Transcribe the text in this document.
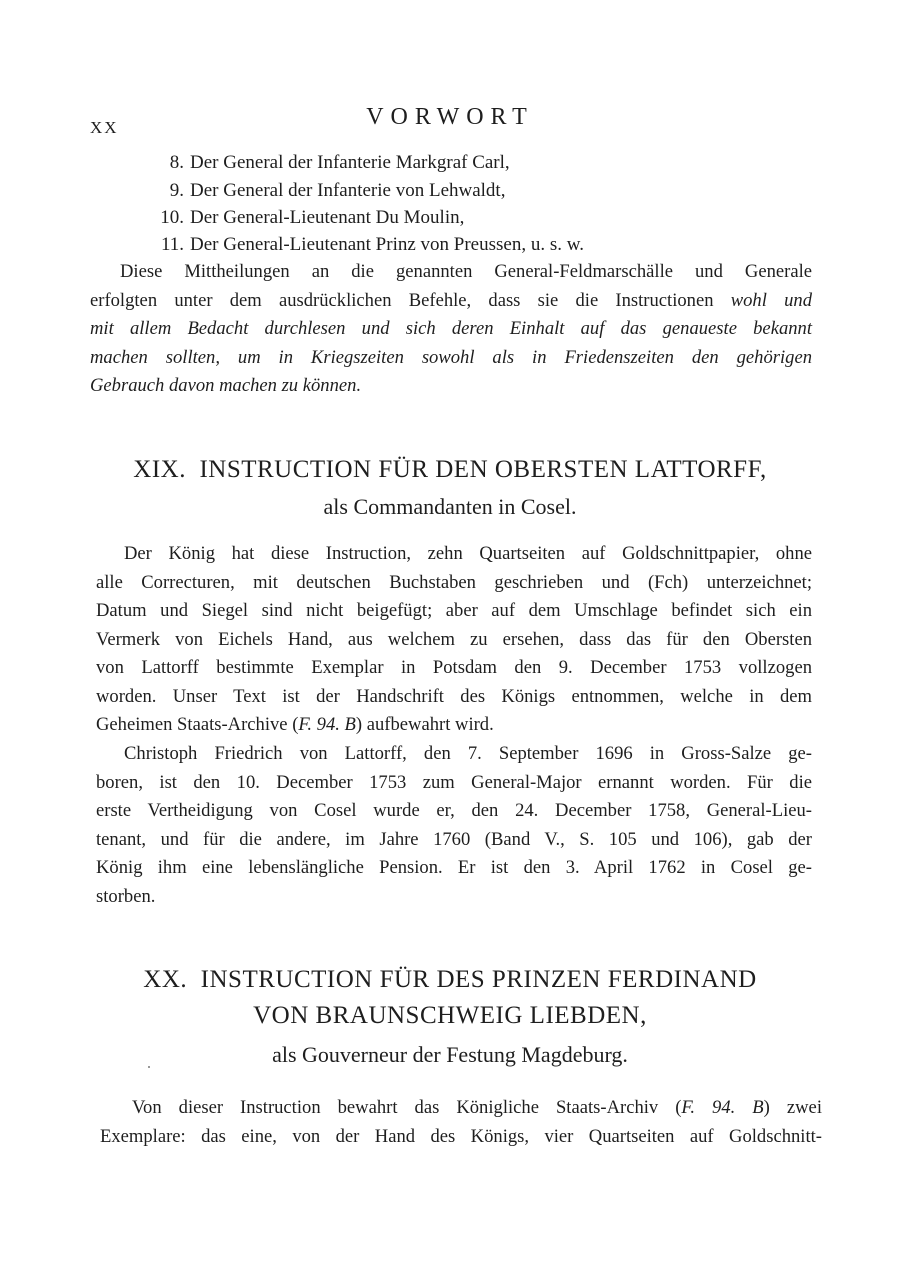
XX	VORWORT
8. Der General der Infanterie Markgraf Carl,
9. Der General der Infanterie von Lehwaldt,
10. Der General-Lieutenant Du Moulin,
11. Der General-Lieutenant Prinz von Preussen, u. s. w.
Diese Mittheilungen an die genannten General-Feldmarschälle und Generale
erfolgten unter dem ausdrücklichen Befehle, dass sie die Instructionen wohl und
mit allem Bedacht durchlesen und sich deren Einhalt auf das genaueste bekannt
machen sollten, um in Kriegszeiten sowohl als in Friedenszeiten den gehörigen
Gebrauch davon machen zu können.
XIX.  INSTRUCTION FÜR DEN OBERSTEN LATTORFF,
als Commandanten in Cosel.
Der König hat diese Instruction, zehn Quartseiten auf Goldschnittpapier, ohne
alle Correcturen, mit deutschen Buchstaben geschrieben und (Fch) unterzeichnet;
Datum und Siegel sind nicht beigefügt; aber auf dem Umschlage befindet sich ein
Vermerk von Eichels Hand, aus welchem zu ersehen, dass das für den Obersten
von Lattorff bestimmte Exemplar in Potsdam den 9. December 1753 vollzogen
worden. Unser Text ist der Handschrift des Königs entnommen, welche in dem
Geheimen Staats-Archive (F. 94. B) aufbewahrt wird.
Christoph Friedrich von Lattorff, den 7. September 1696 in Gross-Salze ge-
boren, ist den 10. December 1753 zum General-Major ernannt worden. Für die
erste Vertheidigung von Cosel wurde er, den 24. December 1758, General-Lieu-
tenant, und für die andere, im Jahre 1760 (Band V., S. 105 und 106), gab der
König ihm eine lebenslängliche Pension. Er ist den 3. April 1762 in Cosel ge-
storben.
XX.  INSTRUCTION FÜR DES PRINZEN FERDINAND
VON BRAUNSCHWEIG LIEBDEN,
als Gouverneur der Festung Magdeburg.
Von dieser Instruction bewahrt das Königliche Staats-Archiv (F. 94. B) zwei
Exemplare: das eine, von der Hand des Königs, vier Quartseiten auf Goldschnitt-
